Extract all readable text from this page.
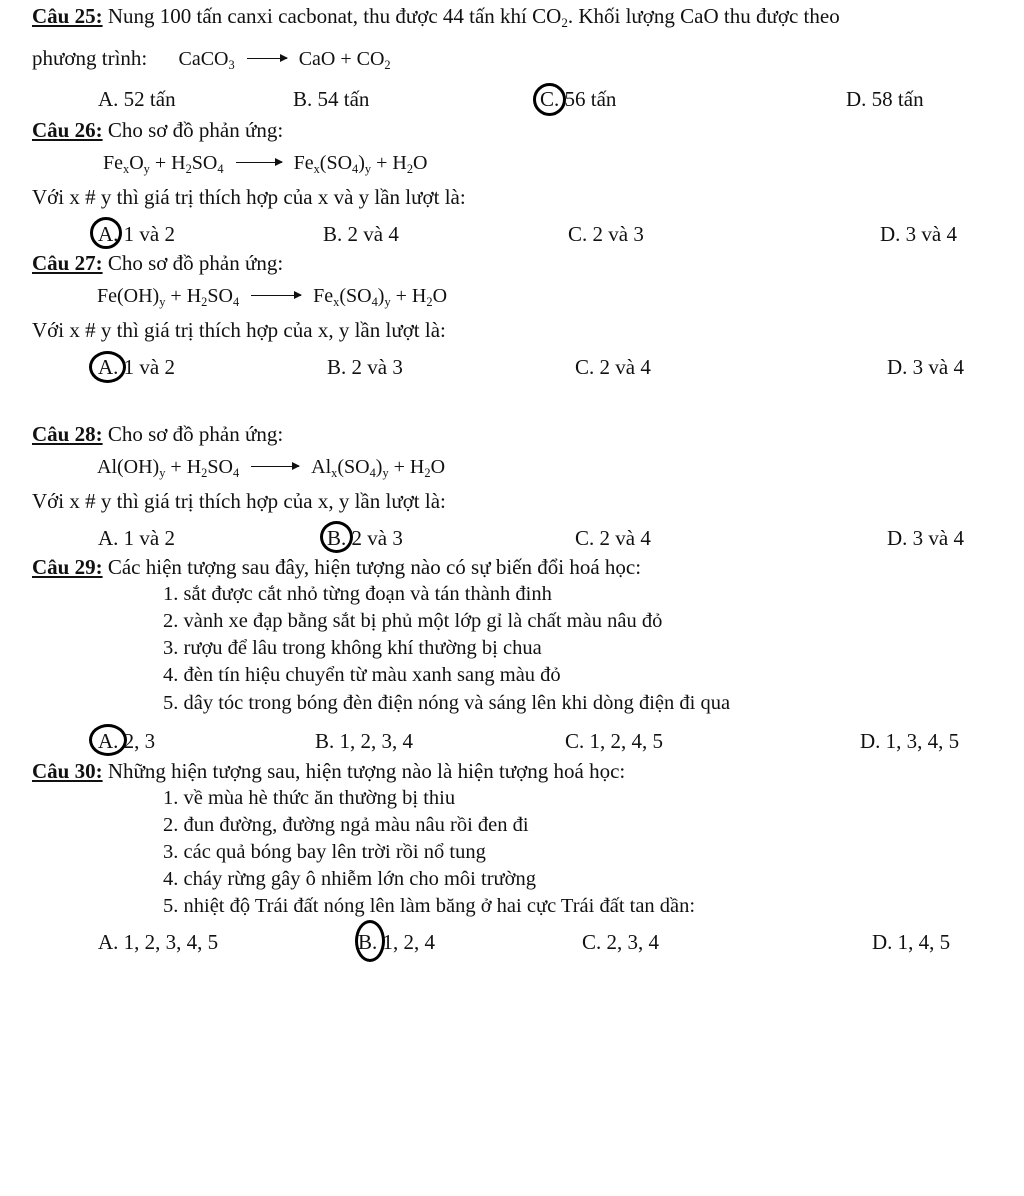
Câu 25: Nung 100 tấn canxi cacbonat, thu được 44 tấn khí $CO_2$. Khối lượng CaO thu được theo
phương trình: CaCO$_3$ → CaO + $CO_2$
A. 52 tấn	B. 54 tấn	C. 56 tấn	D. 58 tấn
Câu 26: Cho sơ đồ phản ứng:
$Fe_xO_y + H_2SO_4 \to Fe_x(SO_4)_y + H_2O$
Với x # y thì giá trị thích hợp của x và y lần lượt là:
A. 1 và 2	B. 2 và 4	C. 2 và 3	D. 3 và 4
Câu 27: Cho sơ đồ phản ứng:
$Fe(OH)_y + H_2SO_4 \to Fe_x(SO_4)_y + H_2O$
Với x # y thì giá trị thích hợp của x, y lần lượt là:
A. 1 và 2	B. 2 và 3	C. 2 và 4	D. 3 và 4
Câu 28: Cho sơ đồ phản ứng:
$Al(OH)_y + H_2SO_4 \to Al_x(SO_4)_y + H_2O$
Với x # y thì giá trị thích hợp của x, y lần lượt là:
A. 1 và 2	B. 2 và 3	C. 2 và 4	D. 3 và 4
Câu 29: Các hiện tượng sau đây, hiện tượng nào có sự biến đổi hoá học:
1. sắt được cắt nhỏ từng đoạn và tán thành đinh
2. vành xe đạp bằng sắt bị phủ một lớp gỉ là chất màu nâu đỏ
3. rượu để lâu trong không khí thường bị chua
4. đèn tín hiệu chuyển từ màu xanh sang màu đỏ
5. dây tóc trong bóng đèn điện nóng và sáng lên khi dòng điện đi qua
A. 2, 3	B. 1, 2, 3, 4	C. 1, 2, 4, 5	D. 1, 3, 4, 5
Câu 30: Những hiện tượng sau, hiện tượng nào là hiện tượng hoá học:
1. về mùa hè thức ăn thường bị thiu
2. đun đường, đường ngả màu nâu rồi đen đi
3. các quả bóng bay lên trời rồi nổ tung
4. cháy rừng gây ô nhiễm lớn cho môi trường
5. nhiệt độ Trái đất nóng lên làm băng ở hai cực Trái đất tan dần:
A. 1, 2, 3, 4, 5	B. 1, 2, 4	C. 2, 3, 4	D. 1, 4, 5
